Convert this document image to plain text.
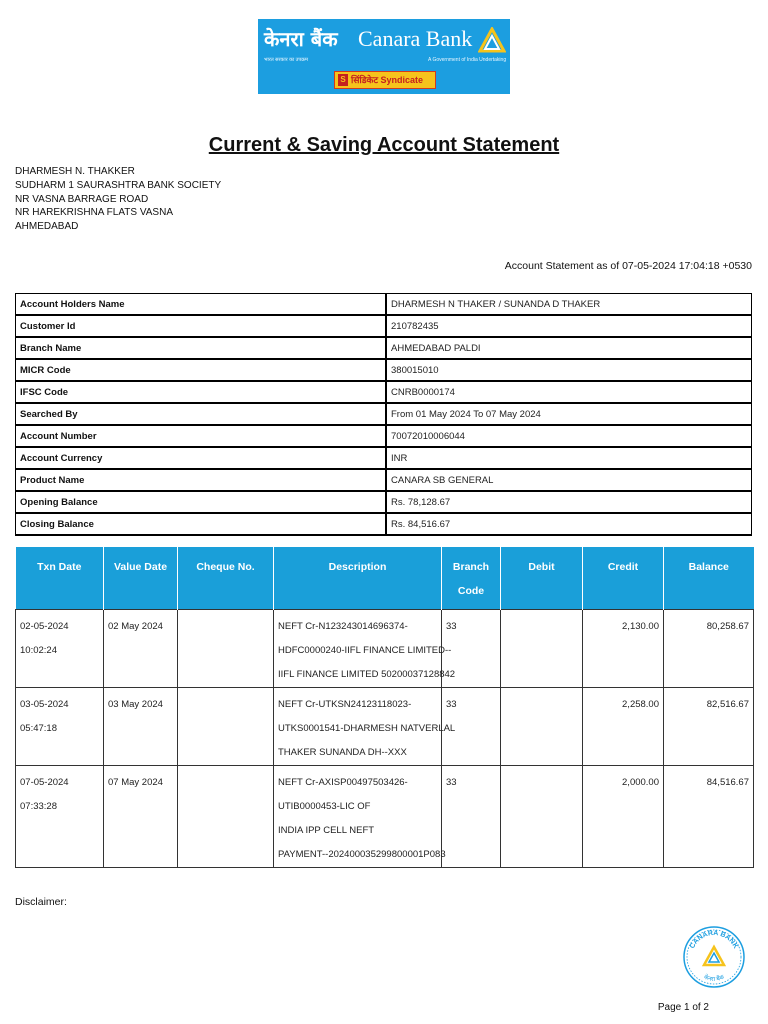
केनरा बैंक Canara Bank
भारत सरकार का उपक्रम	A Government of India Undertaking
S सिंडिकेट Syndicate
Current & Saving Account Statement
DHARMESH N. THAKKER
SUDHARM 1 SAURASHTRA BANK SOCIETY
NR VASNA BARRAGE ROAD
NR HAREKRISHNA FLATS VASNA
AHMEDABAD
Account Statement as of 07-05-2024 17:04:18 +0530
Account Holders Name	DHARMESH N THAKER / SUNANDA D THAKER
Customer Id	210782435
Branch Name	AHMEDABAD PALDI
MICR Code	380015010
IFSC Code	CNRB0000174
Searched By	From 01 May 2024 To 07 May 2024
Account Number	70072010006044
Account Currency	INR
Product Name	CANARA SB GENERAL
Opening Balance	Rs. 78,128.67
Closing Balance	Rs. 84,516.67
Txn Date	Value Date	Cheque No.	Description	Branch
Code	Debit	Credit	Balance
02-05-2024 10:02:24	02 May 2024		NEFT Cr-N123243014696374-
HDFC0000240-IIFL FINANCE LIMITED--
IIFL FINANCE LIMITED 50200037128842	33		2,130.00	80,258.67
03-05-2024 05:47:18	03 May 2024		NEFT Cr-UTKSN24123118023-
UTKS0001541-DHARMESH NATVERLAL
THAKER SUNANDA DH--XXX	33		2,258.00	82,516.67
07-05-2024 07:33:28	07 May 2024		NEFT Cr-AXISP00497503426-
UTIB0000453-LIC OF
INDIA IPP CELL NEFT
PAYMENT--202400035299800001P083	33		2,000.00	84,516.67
Disclaimer:
CANARA BANK
केनरा बैंक
Page 1 of 2
